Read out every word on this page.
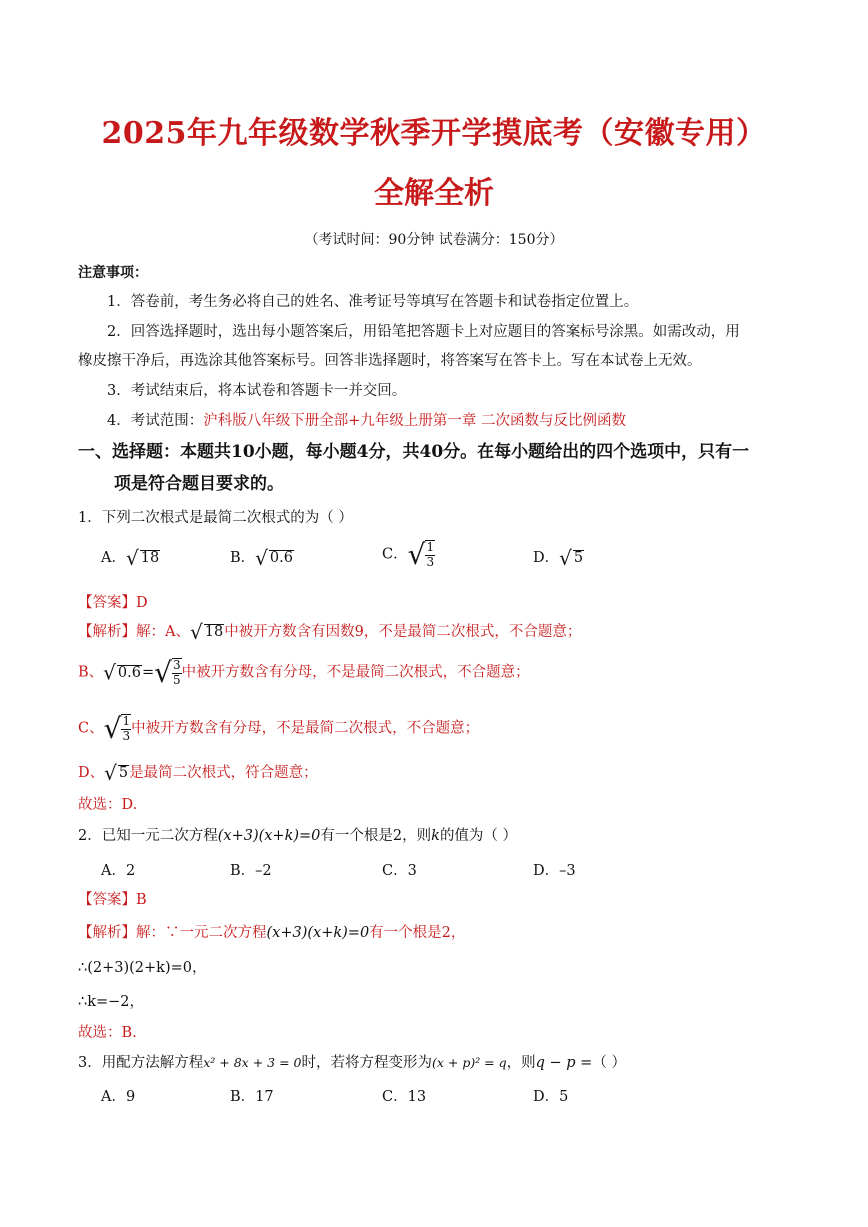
2025年九年级数学秋季开学摸底考（安徽专用）
全解全析
（考试时间：90分钟 试卷满分：150分）
注意事项：
1．答卷前，考生务必将自己的姓名、准考证号等填写在答题卡和试卷指定位置上。
2．回答选择题时，选出每小题答案后，用铅笔把答题卡上对应题目的答案标号涂黑。如需改动，用
橡皮擦干净后，再选涂其他答案标号。回答非选择题时，将答案写在答卡上。写在本试卷上无效。
3．考试结束后，将本试卷和答题卡一并交回。
4．考试范围：沪科版八年级下册全部+九年级上册第一章 二次函数与反比例函数
一、选择题：本题共10小题，每小题4分，共40分。在每小题给出的四个选项中，只有一
项是符合题目要求的。
1．下列二次根式是最简二次根式的为（ ）
A．√ 18	B．√ 0.6	C．√ $\frac{1}{3}$	D．√ 5
【答案】D
【解析】解：A、√ 18中被开方数含有因数9，不是最简二次根式，不合题意；
B、√ $0.6=√ \frac{3}{5}$ 中被开方数含有分母，不是最简二次根式，不合题意；
C、√ $\frac{1}{3}$ 中被开方数含有分母，不是最简二次根式，不合题意；
D、√ 5是最简二次根式，符合题意；
故选：D.
2．已知一元二次方程(x+3)(x+k)=0有一个根是2，则k的值为（ ）
A．2	B．–2	C．3	D．–3
【答案】B
【解析】解：∵一元二次方程(x+3)(x+k)=0有一个根是2，
∴(2+3)(2+k)=0，
∴k=−2，
故选：B.
3．用配方法解方程x² + 8x + 3 = 0时，若将方程变形为(x + p)² = q，则q − p =（ ）
A．9	B．17	C．13	D．5
